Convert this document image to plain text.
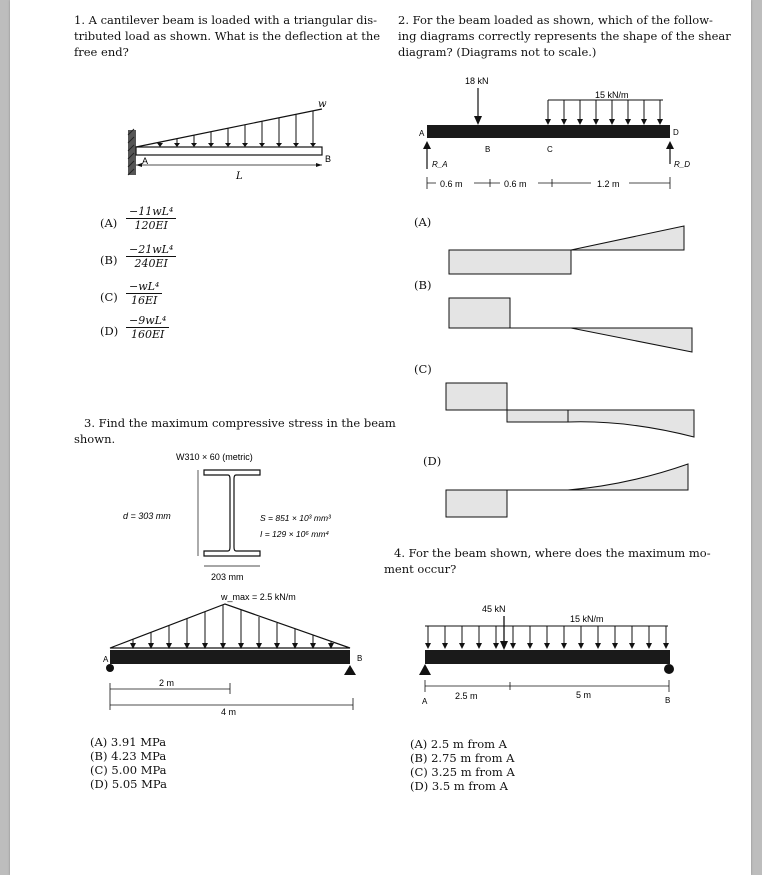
1. A cantilever beam is loaded with a triangular dis-
tributed load as shown. What is the deflection at the
free end?
w
A	B
L
$(A) \frac{\text{−11wL⁴}}{120EI}$
$(B) \frac{\text{−21wL⁴}}{240EI}$
$(C) \frac{\text{−wL⁴}}{16EI}$
$(D) \frac{\text{−9wL⁴}}{160EI}$
2. For the beam loaded as shown, which of the follow-
ing diagrams correctly represents the shape of the shear
diagram? (Diagrams not to scale.)
18 kN
15 kN/m
A	D
B	C
R_A	R_D
0.6 m	0.6 m	1.2 m
(A)
(B)
(C)
(D)
3. Find the maximum compressive stress in the beam
shown.
W310 × 60 (metric)
d = 303 mm	S = 851 × 10³ mm³
I = 129 × 10⁶ mm⁴
203 mm
w_max = 2.5 kN/m
A	B
2 m
4 m
(A) 3.91 MPa
(B) 4.23 MPa
(C) 5.00 MPa
(D) 5.05 MPa
4. For the beam shown, where does the maximum mo-
ment occur?
45 kN
15 kN/m
A
2.5 m	5 m
B
(A) 2.5 m from A
(B) 2.75 m from A
(C) 3.25 m from A
(D) 3.5 m from A
